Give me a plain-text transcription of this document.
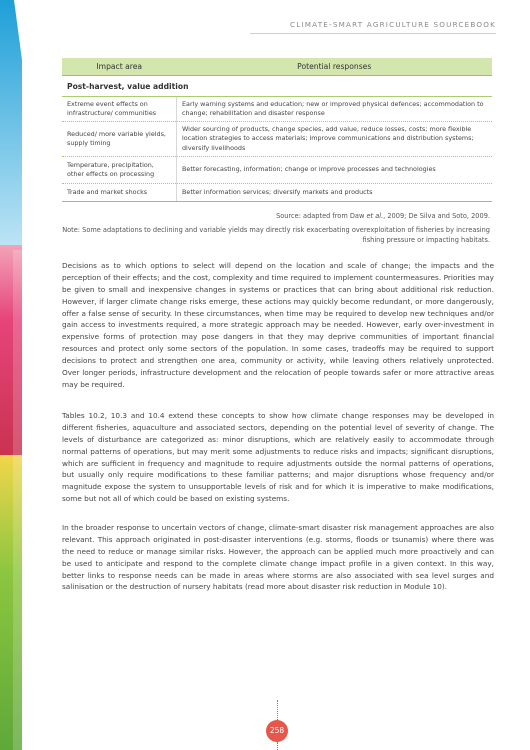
CLIMATE-SMART AGRICULTURE SOURCEBOOK
Impact area	Potential responses
Post-harvest, value addition	
Extreme event effects on infrastructure/ communities	Early warning systems and education; new or improved physical defences; accommodation to change; rehabilitation and disaster response
Reduced/ more variable yields, supply timing	Wider sourcing of products, change species, add value, reduce losses, costs; more flexible location strategies to access materials; improve communications and distribution systems; diversify livelihoods
Temperature, precipitation, other effects on processing	Better forecasting, information; change or improve processes and technologies
Trade and market shocks	Better information services; diversify markets and products
Source: adapted from Daw et al., 2009; De Silva and Soto, 2009.
Note: Some adaptations to declining and variable yields may directly risk exacerbating overexploitation of fisheries by increasing fishing pressure or impacting habitats.

Decisions as to which options to select will depend on the location and scale of change; the impacts and the perception of their effects; and the cost, complexity and time required to implement countermeasures. Priorities may be given to small and inexpensive changes in systems or practices that can bring about additional risk reduction. However, if larger climate change risks emerge, these actions may quickly become redundant, or more dangerously, offer a false sense of security. In these circumstances, when time may be required to develop new techniques and/or gain access to investments required, a more strategic approach may be needed. However, early over-investment in expensive forms of protection may pose dangers in that they may deprive communities of important financial resources and protect only some sectors of the population. In some cases, tradeoffs may be required to support decisions to protect and strengthen one area, community or activity, while leaving others relatively unprotected. Over longer periods, infrastructure development and the relocation of people towards safer or more attractive areas may be required.

Tables 10.2, 10.3 and 10.4 extend these concepts to show how climate change responses may be developed in different fisheries, aquaculture and associated sectors, depending on the potential level of severity of change. The levels of disturbance are categorized as: minor disruptions, which are relatively easily to accommodate through normal patterns of operations, but may merit some adjustments to reduce risks and impacts; significant disruptions, which are sufficient in frequency and magnitude to require adjustments outside the normal patterns of operations, but usually only require modifications to these familiar patterns; and major disruptions whose frequency and/or magnitude expose the system to unsupportable levels of risk and for which it is imperative to make modifications, some but not all of which could be based on existing systems.

In the broader response to uncertain vectors of change, climate-smart disaster risk management approaches are also relevant. This approach originated in post-disaster interventions (e.g. storms, floods or tsunamis) where there was the need to reduce or manage similar risks. However, the approach can be applied much more proactively and can be used to anticipate and respond to the complete climate change impact profile in a given context. In this way, better links to response needs can be made in areas where storms are also associated with sea level surges and salinisation or the destruction of nursery habitats (read more about disaster risk reduction in Module 10).

258
